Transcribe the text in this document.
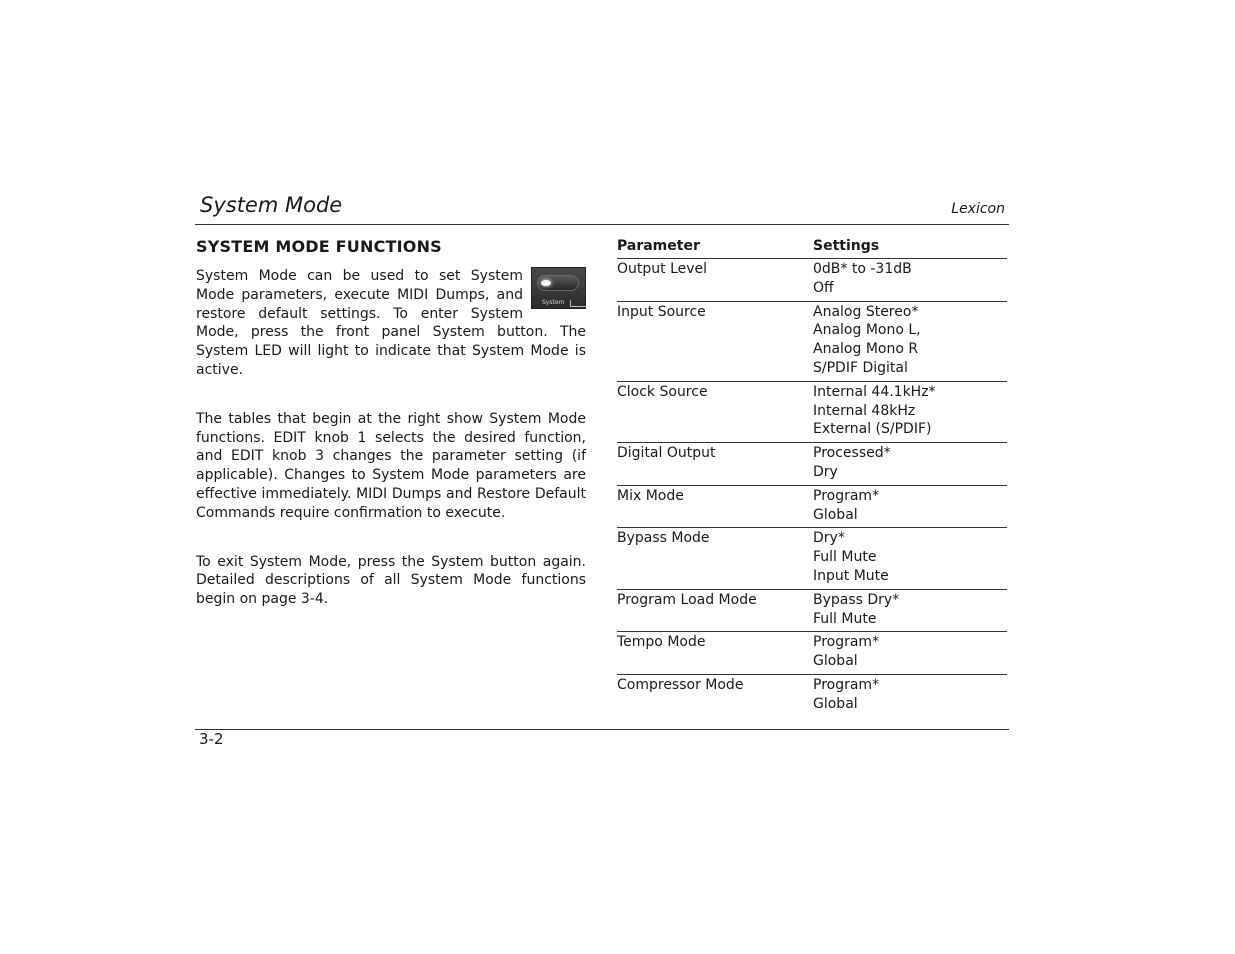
System Mode	Lexicon
SYSTEM MODE FUNCTIONS

System
System Mode can be used to set System Mode parameters, execute MIDI Dumps, and restore default settings. To enter System Mode, press the front panel System button. The System LED will light to indicate that System Mode is active.

The tables that begin at the right show System Mode functions. EDIT knob 1 selects the desired function, and EDIT knob 3 changes the parameter setting (if applicable). Changes to System Mode parameters are effective immediately. MIDI Dumps and Restore Default Commands require confirmation to execute.

To exit System Mode, press the System button again. Detailed descriptions of all System Mode functions begin on page 3-4.

Parameter	Settings
Output Level	0dB* to -31dB
Off
Input Source	Analog Stereo*
Analog Mono L,
Analog Mono R
S/PDIF Digital
Clock Source	Internal 44.1kHz*
Internal 48kHz
External (S/PDIF)
Digital Output	Processed*
Dry
Mix Mode	Program*
Global
Bypass Mode	Dry*
Full Mute
Input Mute
Program Load Mode	Bypass Dry*
Full Mute
Tempo Mode	Program*
Global
Compressor Mode	Program*
Global
3-2
